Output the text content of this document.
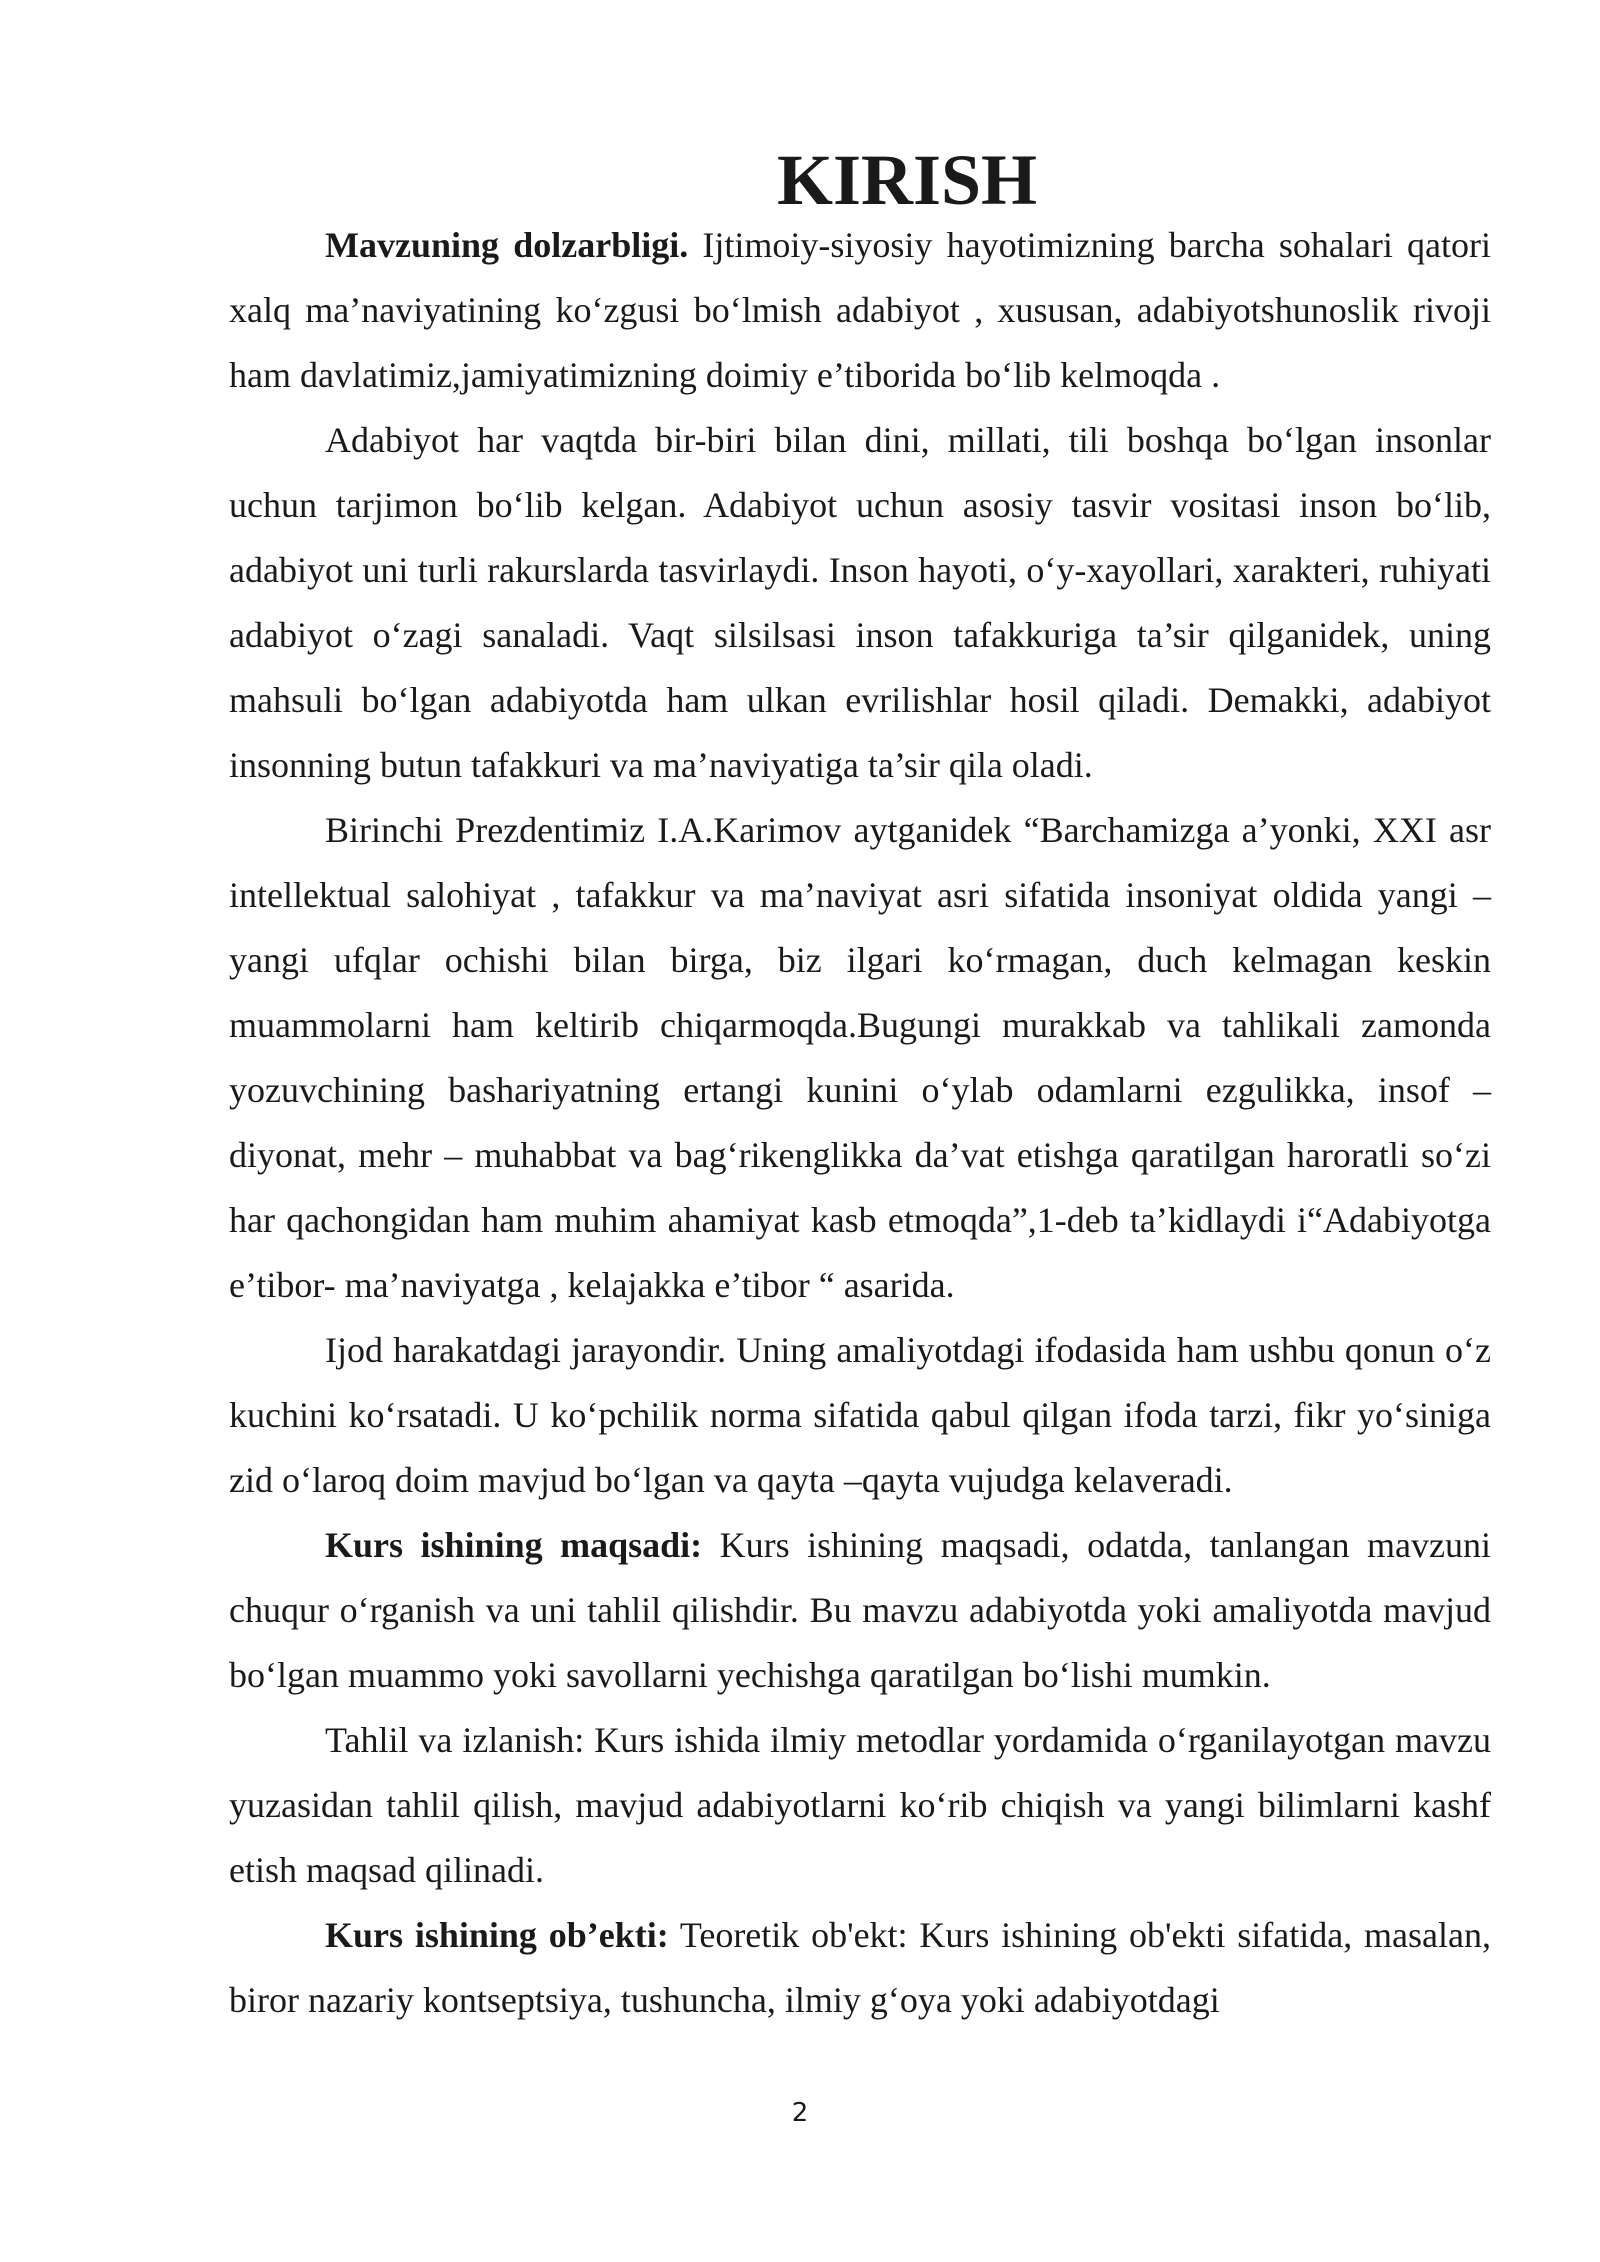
KIRISH

Mavzuning dolzarbligi. Ijtimoiy-siyosiy hayotimizning barcha sohalari qatori xalq ma’naviyatining ko‘zgusi bo‘lmish adabiyot , xususan, adabiyotshunoslik rivoji ham davlatimiz,jamiyatimizning doimiy e’tiborida bo‘lib kelmoqda .

Adabiyot har vaqtda bir-biri bilan dini, millati, tili boshqa bo‘lgan insonlar uchun tarjimon bo‘lib kelgan. Adabiyot uchun asosiy tasvir vositasi inson bo‘lib, adabiyot uni turli rakurslarda tasvirlaydi. Inson hayoti, o‘y-xayollari, xarakteri, ruhiyati adabiyot o‘zagi sanaladi. Vaqt silsilsasi inson tafakkuriga ta’sir qilganidek, uning mahsuli bo‘lgan adabiyotda ham ulkan evrilishlar hosil qiladi. Demakki, adabiyot insonning butun tafakkuri va ma’naviyatiga ta’sir qila oladi.

Birinchi Prezdentimiz I.A.Karimov aytganidek “Barchamizga a’yonki, XXI asr intellektual salohiyat , tafakkur va ma’naviyat asri sifatida insoniyat oldida yangi –yangi ufqlar ochishi bilan birga, biz ilgari ko‘rmagan, duch kelmagan keskin muammolarni ham keltirib chiqarmoqda.Bugungi murakkab va tahlikali zamonda yozuvchining bashariyatning ertangi kunini o‘ylab odamlarni ezgulikka, insof –diyonat, mehr – muhabbat va bag‘rikenglikka da’vat etishga qaratilgan haroratli so‘zi har qachongidan ham muhim ahamiyat kasb etmoqda”,1-deb ta’kidlaydi i“Adabiyotga e’tibor- ma’naviyatga , kelajakka e’tibor “ asarida.

Ijod harakatdagi jarayondir. Uning amaliyotdagi ifodasida ham ushbu qonun o‘z kuchini ko‘rsatadi. U ko‘pchilik norma sifatida qabul qilgan ifoda tarzi, fikr yo‘siniga zid o‘laroq doim mavjud bo‘lgan va qayta –qayta vujudga kelaveradi.

Kurs ishining maqsadi: Kurs ishining maqsadi, odatda, tanlangan mavzuni chuqur o‘rganish va uni tahlil qilishdir. Bu mavzu adabiyotda yoki amaliyotda mavjud bo‘lgan muammo yoki savollarni yechishga qaratilgan bo‘lishi mumkin.

Tahlil va izlanish: Kurs ishida ilmiy metodlar yordamida o‘rganilayotgan mavzu yuzasidan tahlil qilish, mavjud adabiyotlarni ko‘rib chiqish va yangi bilimlarni kashf etish maqsad qilinadi.

Kurs ishining ob’ekti: Teoretik ob'ekt: Kurs ishining ob'ekti sifatida, masalan, biror nazariy kontseptsiya, tushuncha, ilmiy g‘oya yoki adabiyotdagi

2
